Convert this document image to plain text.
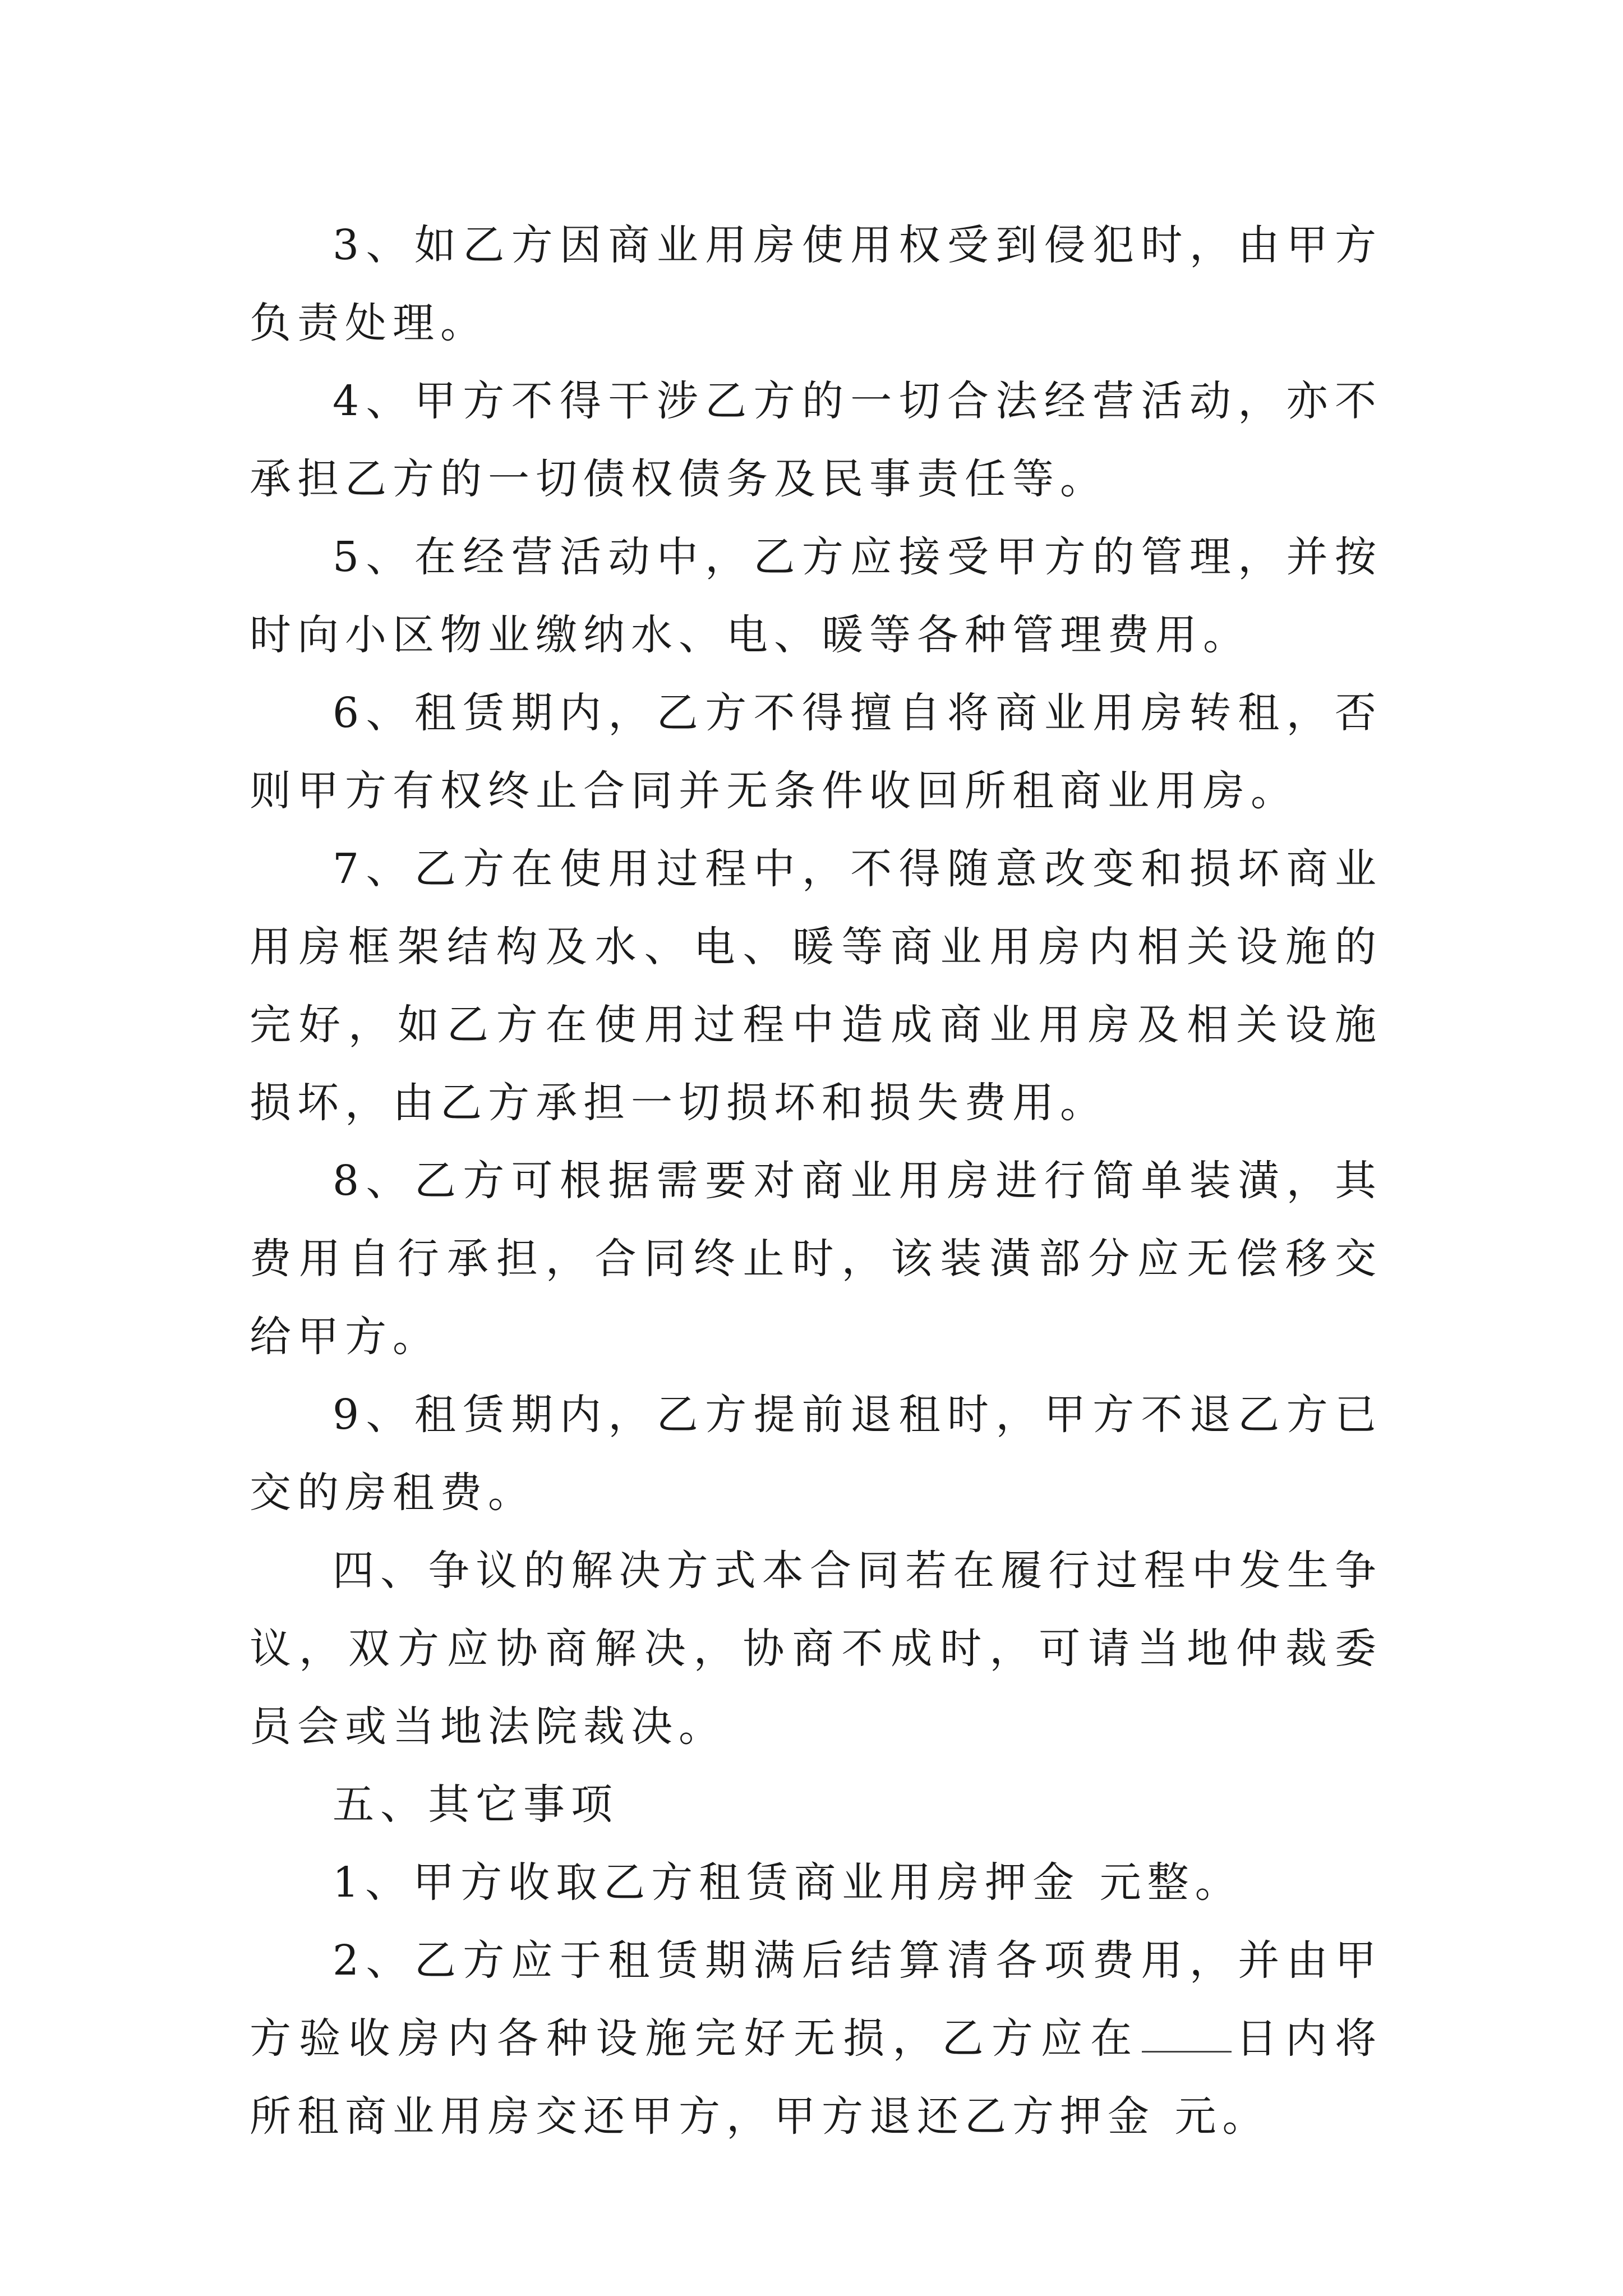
3、如乙方因商业用房使用权受到侵犯时，由甲方负责处理。

4、甲方不得干涉乙方的一切合法经营活动，亦不承担乙方的一切债权债务及民事责任等。

5、在经营活动中，乙方应接受甲方的管理，并按时向小区物业缴纳水、电、暖等各种管理费用。

6、租赁期内，乙方不得擅自将商业用房转租，否则甲方有权终止合同并无条件收回所租商业用房。

7、乙方在使用过程中，不得随意改变和损坏商业用房框架结构及水、电、暖等商业用房内相关设施的完好，如乙方在使用过程中造成商业用房及相关设施损坏，由乙方承担一切损坏和损失费用。

8、乙方可根据需要对商业用房进行简单装潢，其费用自行承担，合同终止时，该装潢部分应无偿移交给甲方。

9、租赁期内，乙方提前退租时，甲方不退乙方已交的房租费。

四、争议的解决方式本合同若在履行过程中发生争议，双方应协商解决，协商不成时，可请当地仲裁委员会或当地法院裁决。

五、其它事项

1、甲方收取乙方租赁商业用房押金 元整。

2、乙方应于租赁期满后结算清各项费用，并由甲方验收房内各种设施完好无损，乙方应在 日内将所租商业用房交还甲方，甲方退还乙方押金 元。
